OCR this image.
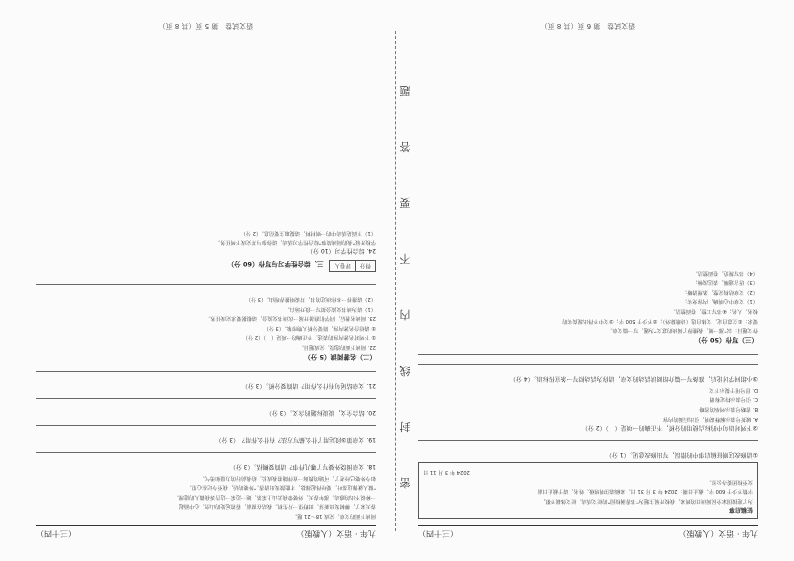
九年 · 语文（人教版）
（三十四）
征稿启事

为了迎接国家全民阅读日的到来，我校开展主题为“书香满校园”的征文活动。征文体裁不限，

字数不少于 600 字。截止日期：2024 年 3 月 31 日。来稿请注明班级、姓名，请于截止日前

交至校团委办公室。

2024 年 3 月 11 日

①请修改这则征稿启事中的错误，写出修改意见。（1 分）

②下列对语句中的标点使用的分析，不正确的一项是（　）（2 分）

A. 破折号表示解释说明，引出后面的内容

B. 省略号表示列举的省略

C. 引号表示特定称谓

D. 冒号用于提示下文

③小组同学讨论后，准备写一篇介绍阅读活动的文章，请你为活动拟写一条宣传标语。（4 分）

（三）写作（50 分）

作文题目：以“那一刻，我懂得了阅读的意义”为题，写一篇文章。

要求：①立意自定，文体自选（诗歌除外）；②不少于 500 字；③文中不得出现真实的

校名、人名；④书写工整，卷面整洁。

（1）文章中心明确，内容充实；

（2）文章结构完整，条理清晰；

（3）语言通顺，表达流畅；

（4）书写规范，卷面整洁。

语文试卷　第 6 页（共 8 页）
密
封
线
内
不
要
答
题
九年 · 语文（人教版）
（三十四）

阅读下面的文章，完成 18～21 题。

春天来了，柳树发出新芽，田野里一片生机。我站在窗前，看着远处的山峦，心中涌起

一种说不出的感动。那年春天，外婆带我去山上采茶，她一边采一边告诉我做人的道理。

“做人就像这茶叶，要经得起揉捻，才能散发出清香。”外婆的话，我至今记在心里。

如今外婆已经老了，可她的教诲一直伴随着我成长，给我前行的力量和勇气。

18. 文章围绕外婆写了哪几件事？请简要概括。（3 分）

19. 文章第③段运用了什么描写方法？有什么作用？（3 分）

20. 结合全文，说说标题的含义。（3 分）

21. 文章结尾句有什么作用？请简要分析。（3 分）

（二）名著阅读（5 分）

22. 阅读下面的选段，完成题目。

① 下列对名著内容的表述，不正确的一项是（　）（2 分）

② 请结合名著内容，简要分析人物形象。（3 分）

23. 阅读名著后，同学们准备开展一次读书交流会，请根据要求完成任务。

（1）请为读书交流会拟写一段开场白。

（2）请推荐一本你读过的书，并说明推荐理由。（3 分）

得分
评卷人
三、综合性学习与写作（60 分）

24. 综合性学习（10 分）

学校开展“我的阅读故事”综合性学习活动，请你参与并完成下列任务。

（1）下面是活动中的一则材料，请提取主要信息。（2 分）

语文试卷　第 5 页（共 8 页）
